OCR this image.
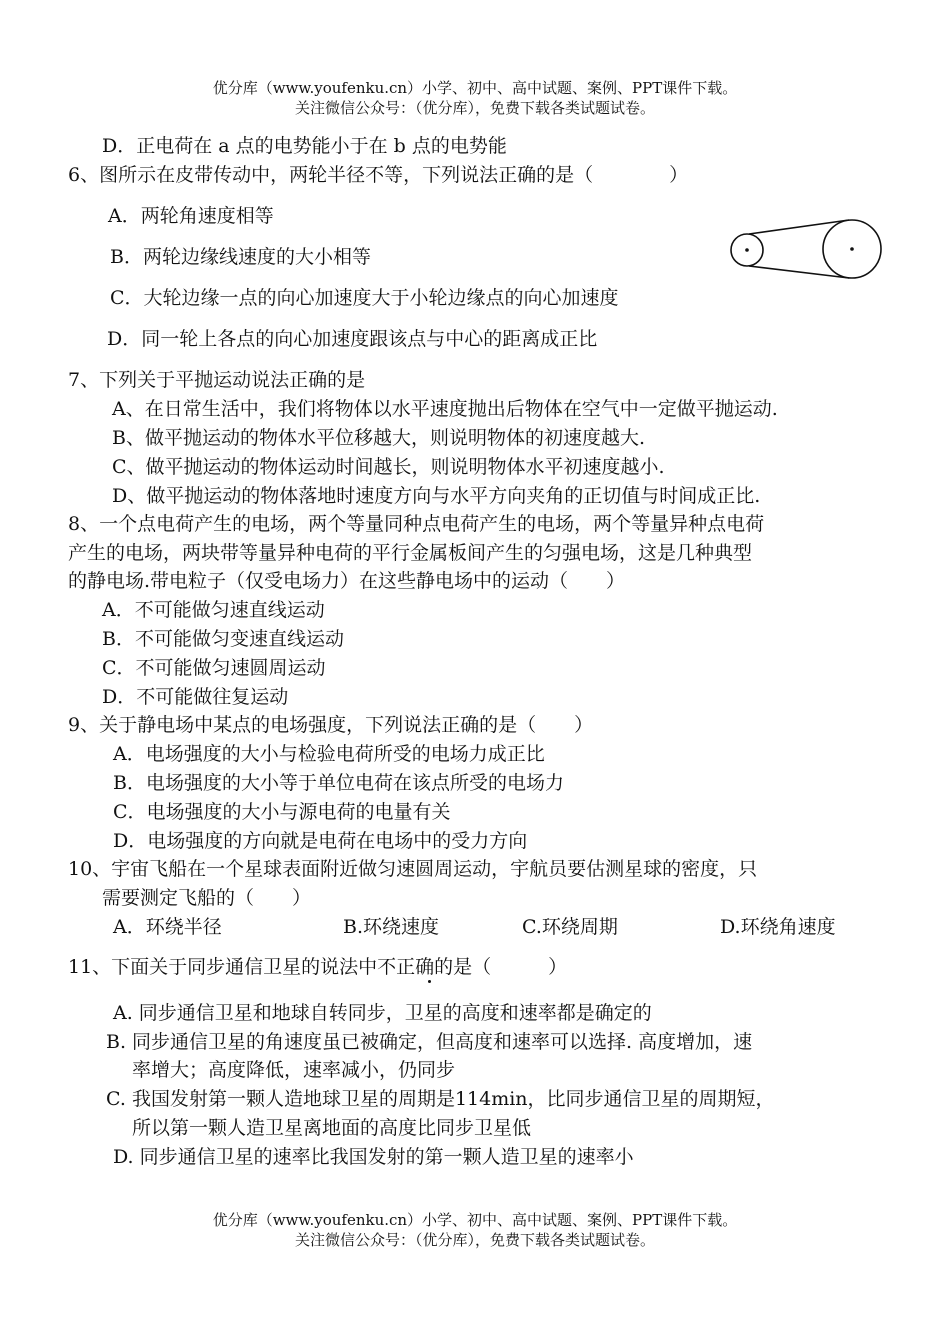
优分库（www.youfenku.cn）小学、初中、高中试题、案例、PPT课件下载。
关注微信公众号：（优分库），免费下载各类试题试卷。
D．正电荷在 a 点的电势能小于在 b 点的电势能
6、图所示在皮带传动中，两轮半径不等，下列说法正确的是（　　　　）
A．两轮角速度相等
B．两轮边缘线速度的大小相等
C．大轮边缘一点的向心加速度大于小轮边缘点的向心加速度
D．同一轮上各点的向心加速度跟该点与中心的距离成正比
7、下列关于平抛运动说法正确的是
A、在日常生活中，我们将物体以水平速度抛出后物体在空气中一定做平抛运动.
B、做平抛运动的物体水平位移越大，则说明物体的初速度越大.
C、做平抛运动的物体运动时间越长，则说明物体水平初速度越小.
D、做平抛运动的物体落地时速度方向与水平方向夹角的正切值与时间成正比.
8、一个点电荷产生的电场，两个等量同种点电荷产生的电场，两个等量异种点电荷
产生的电场，两块带等量异种电荷的平行金属板间产生的匀强电场，这是几种典型
的静电场.带电粒子（仅受电场力）在这些静电场中的运动（　　）
A．不可能做匀速直线运动
B．不可能做匀变速直线运动
C．不可能做匀速圆周运动
D．不可能做往复运动
9、关于静电场中某点的电场强度，下列说法正确的是（　　）
A．电场强度的大小与检验电荷所受的电场力成正比
B．电场强度的大小等于单位电荷在该点所受的电场力
C．电场强度的大小与源电荷的电量有关
D．电场强度的方向就是电荷在电场中的受力方向
10、宇宙飞船在一个星球表面附近做匀速圆周运动，宇航员要估测星球的密度，只
需要测定飞船的（　　）
A．环绕半径	B.环绕速度	C.环绕周期	D.环绕角速度
11、下面关于同步通信卫星的说法中不正确的是（　　　）
A. 同步通信卫星和地球自转同步，卫星的高度和速率都是确定的
B. 同步通信卫星的角速度虽已被确定，但高度和速率可以选择. 高度增加，速
率增大；高度降低，速率减小，仍同步
C. 我国发射第一颗人造地球卫星的周期是114min，比同步通信卫星的周期短，
所以第一颗人造卫星离地面的高度比同步卫星低
D. 同步通信卫星的速率比我国发射的第一颗人造卫星的速率小
优分库（www.youfenku.cn）小学、初中、高中试题、案例、PPT课件下载。
关注微信公众号：（优分库），免费下载各类试题试卷。
